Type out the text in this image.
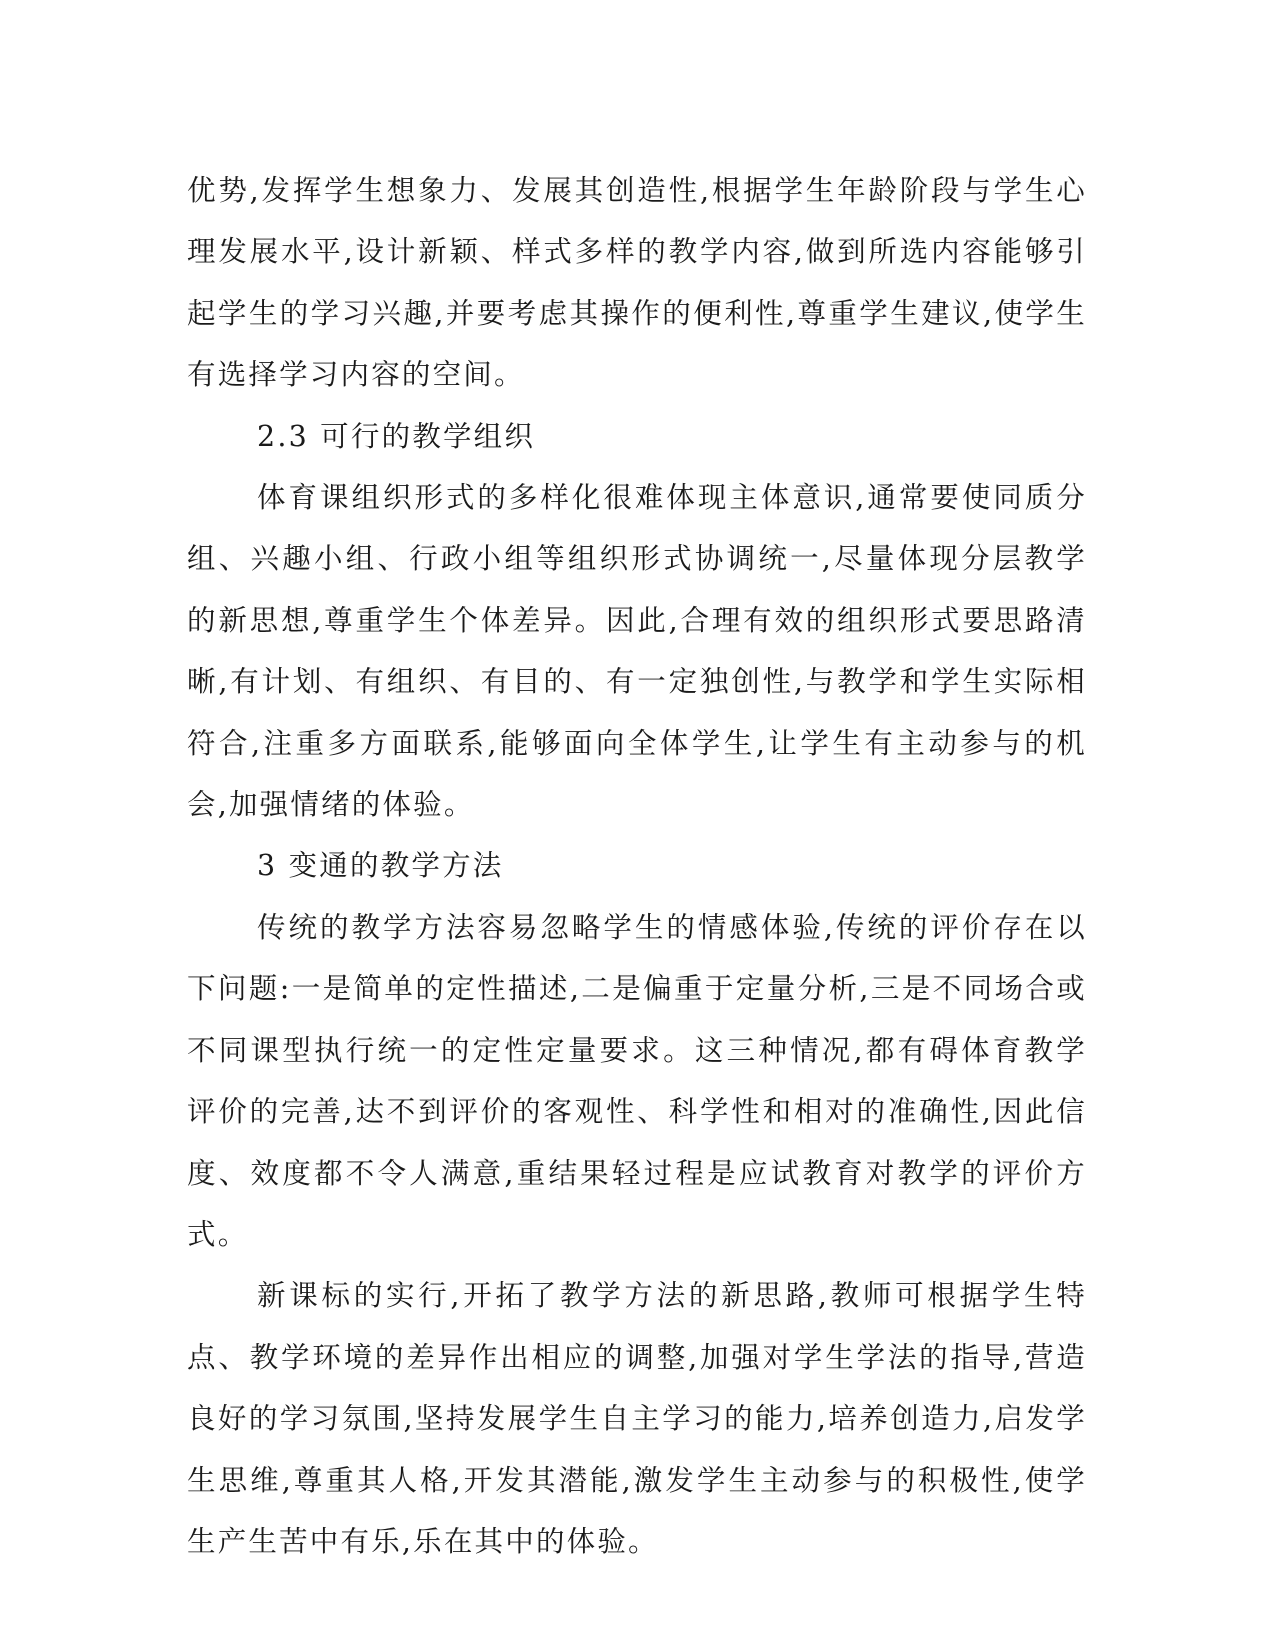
优势,发挥学生想象力、发展其创造性,根据学生年龄阶段与学生心理发展水平,设计新颖、样式多样的教学内容,做到所选内容能够引起学生的学习兴趣,并要考虑其操作的便利性,尊重学生建议,使学生有选择学习内容的空间。

2.3 可行的教学组织

体育课组织形式的多样化很难体现主体意识,通常要使同质分组、兴趣小组、行政小组等组织形式协调统一,尽量体现分层教学的新思想,尊重学生个体差异。因此,合理有效的组织形式要思路清晰,有计划、有组织、有目的、有一定独创性,与教学和学生实际相符合,注重多方面联系,能够面向全体学生,让学生有主动参与的机会,加强情绪的体验。

3 变通的教学方法

传统的教学方法容易忽略学生的情感体验,传统的评价存在以下问题:一是简单的定性描述,二是偏重于定量分析,三是不同场合或不同课型执行统一的定性定量要求。这三种情况,都有碍体育教学评价的完善,达不到评价的客观性、科学性和相对的准确性,因此信度、效度都不令人满意,重结果轻过程是应试教育对教学的评价方式。

新课标的实行,开拓了教学方法的新思路,教师可根据学生特点、教学环境的差异作出相应的调整,加强对学生学法的指导,营造良好的学习氛围,坚持发展学生自主学习的能力,培养创造力,启发学生思维,尊重其人格,开发其潜能,激发学生主动参与的积极性,使学生产生苦中有乐,乐在其中的体验。
